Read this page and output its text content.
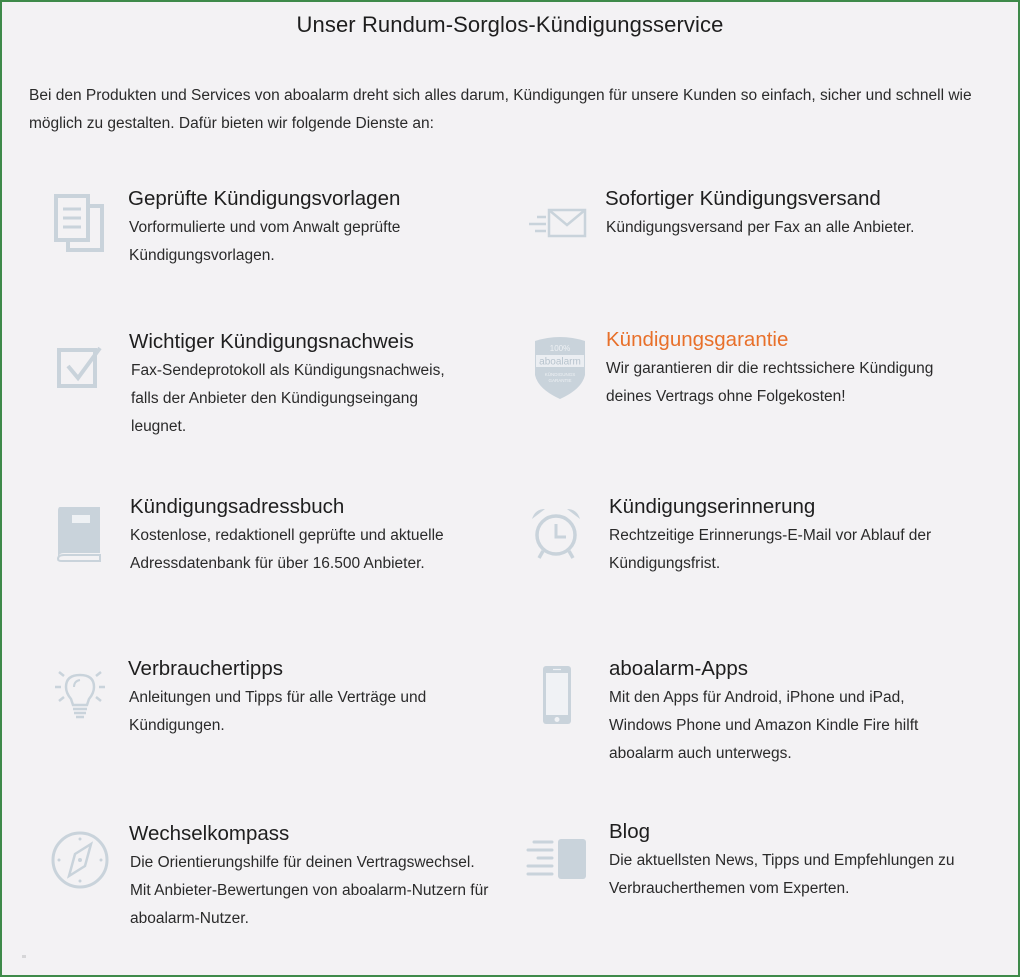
Unser Rundum-Sorglos-Kündigungsservice
Bei den Produkten und Services von aboalarm dreht sich alles darum, Kündigungen für unsere Kunden so einfach, sicher und schnell wie möglich zu gestalten. Dafür bieten wir folgende Dienste an:
Geprüfte Kündigungsvorlagen
Vorformulierte und vom Anwalt geprüfte Kündigungsvorlagen.
Sofortiger Kündigungsversand
Kündigungsversand per Fax an alle Anbieter.
Wichtiger Kündigungsnachweis
Fax-Sendeprotokoll als Kündigungsnachweis, falls der Anbieter den Kündigungseingang leugnet.
100%
aboalarm
KÜNDIGUNGS
GARANTIE
Kündigungsgarantie
Wir garantieren dir die rechtssichere Kündigung deines Vertrags ohne Folgekosten!
Kündigungsadressbuch
Kostenlose, redaktionell geprüfte und aktuelle Adressdatenbank für über 16.500 Anbieter.
Kündigungserinnerung
Rechtzeitige Erinnerungs-E-Mail vor Ablauf der Kündigungsfrist.
Verbrauchertipps
Anleitungen und Tipps für alle Verträge und Kündigungen.
aboalarm-Apps
Mit den Apps für Android, iPhone und iPad, Windows Phone und Amazon Kindle Fire hilft aboalarm auch unterwegs.
Wechselkompass
Die Orientierungshilfe für deinen Vertragswechsel. Mit Anbieter-Bewertungen von aboalarm-Nutzern für aboalarm-Nutzer.
Blog
Die aktuellsten News, Tipps und Empfehlungen zu Verbraucherthemen vom Experten.
